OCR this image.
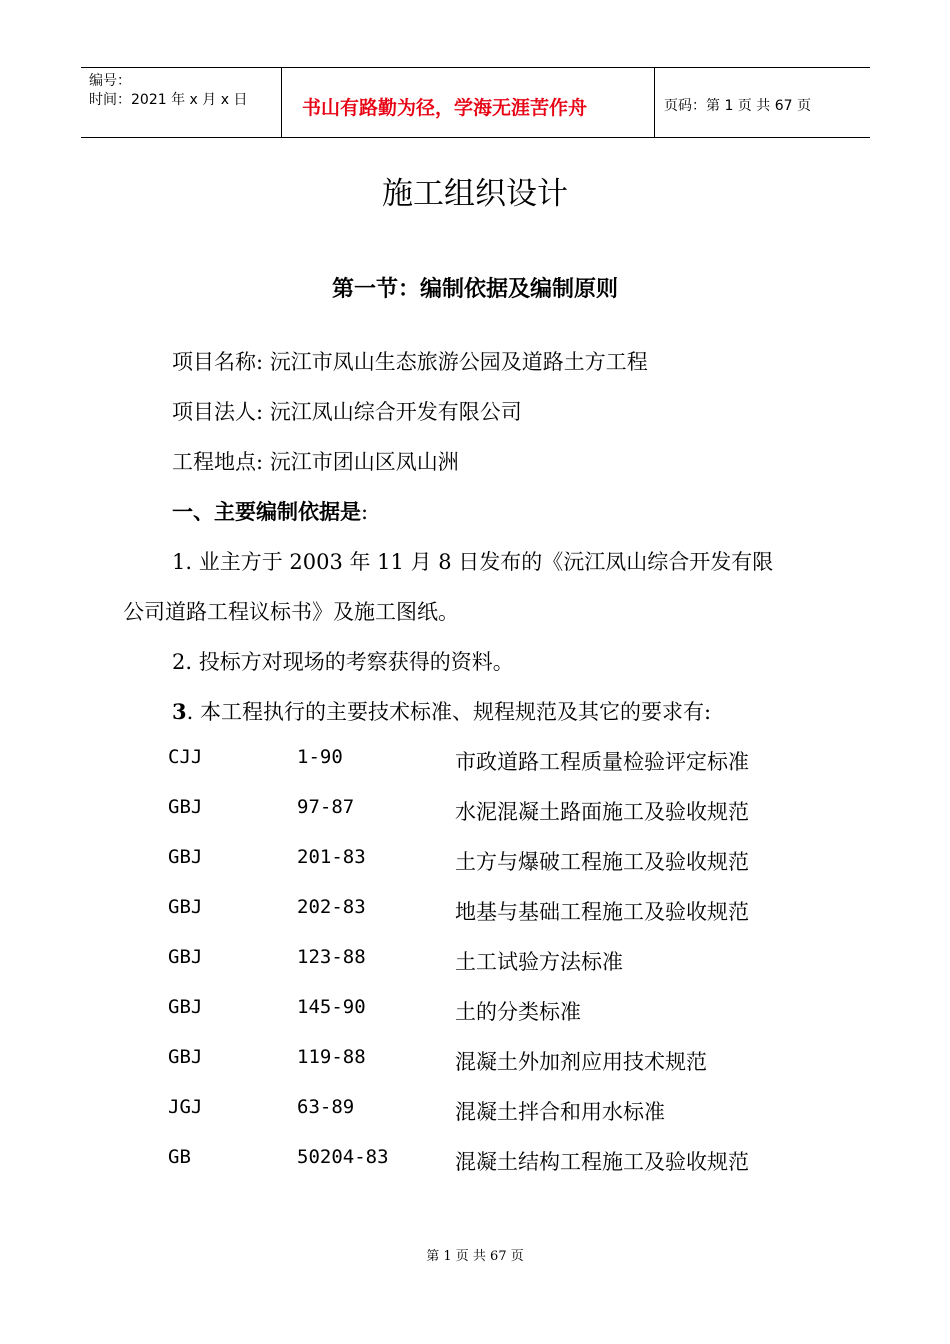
编号：
时间：2021 年 x 月 x 日	书山有路勤为径，学海无涯苦作舟	页码：第 1 页 共 67 页
施工组织设计
第一节：编制依据及编制原则
项目名称: 沅江市凤山生态旅游公园及道路土方工程
项目法人: 沅江凤山综合开发有限公司
工程地点: 沅江市团山区凤山洲
一、主要编制依据是:
1. 业主方于 2003 年 11 月 8 日发布的《沅江凤山综合开发有限
公司道路工程议标书》及施工图纸。
2. 投标方对现场的考察获得的资料。
3. 本工程执行的主要技术标准、规程规范及其它的要求有:
CJJ	1-90	市政道路工程质量检验评定标准
GBJ	97-87	水泥混凝土路面施工及验收规范
GBJ	201-83	土方与爆破工程施工及验收规范
GBJ	202-83	地基与基础工程施工及验收规范
GBJ	123-88	土工试验方法标准
GBJ	145-90	土的分类标准
GBJ	119-88	混凝土外加剂应用技术规范
JGJ	63-89	混凝土拌合和用水标准
GB	50204-83	混凝土结构工程施工及验收规范
第 1 页 共 67 页
